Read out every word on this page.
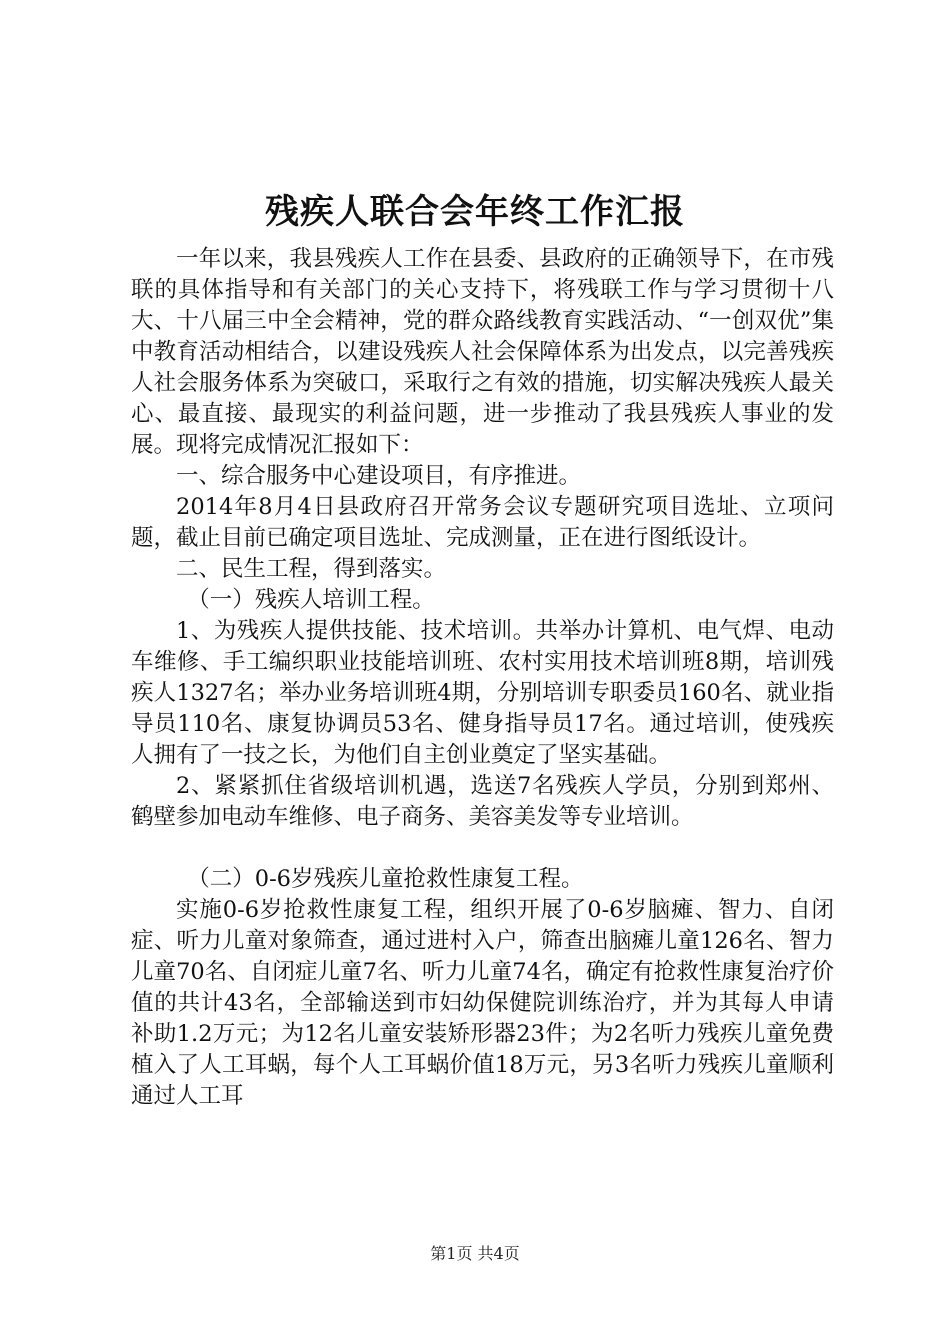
残疾人联合会年终工作汇报

一年以来，我县残疾人工作在县委、县政府的正确领导下，在市残联的具体指导和有关部门的关心支持下，将残联工作与学习贯彻十八大、十八届三中全会精神，党的群众路线教育实践活动、“一创双优”集中教育活动相结合，以建设残疾人社会保障体系为出发点，以完善残疾人社会服务体系为突破口，采取行之有效的措施，切实解决残疾人最关心、最直接、最现实的利益问题，进一步推动了我县残疾人事业的发展。现将完成情况汇报如下：

一、综合服务中心建设项目，有序推进。

2014年8月4日县政府召开常务会议专题研究项目选址、立项问题，截止目前已确定项目选址、完成测量，正在进行图纸设计。

二、民生工程，得到落实。

（一）残疾人培训工程。

1、为残疾人提供技能、技术培训。共举办计算机、电气焊、电动车维修、手工编织职业技能培训班、农村实用技术培训班8期，培训残疾人1327名；举办业务培训班4期，分别培训专职委员160名、就业指导员110名、康复协调员53名、健身指导员17名。通过培训，使残疾人拥有了一技之长，为他们自主创业奠定了坚实基础。

2、紧紧抓住省级培训机遇，选送7名残疾人学员，分别到郑州、鹤壁参加电动车维修、电子商务、美容美发等专业培训。

（二）0-6岁残疾儿童抢救性康复工程。

实施0-6岁抢救性康复工程，组织开展了0-6岁脑瘫、智力、自闭症、听力儿童对象筛查，通过进村入户，筛查出脑瘫儿童126名、智力儿童70名、自闭症儿童7名、听力儿童74名，确定有抢救性康复治疗价值的共计43名，全部输送到市妇幼保健院训练治疗，并为其每人申请补助1.2万元；为12名儿童安装矫形器23件；为2名听力残疾儿童免费植入了人工耳蜗，每个人工耳蜗价值18万元，另3名听力残疾儿童顺利通过人工耳

第1页 共4页
